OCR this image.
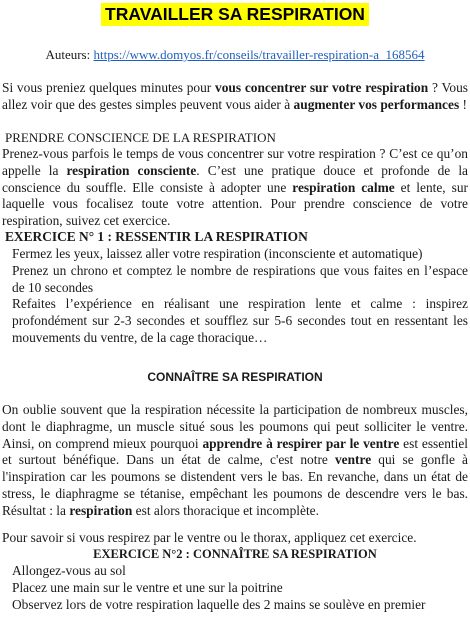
TRAVAILLER SA RESPIRATION
Auteurs: https://www.domyos.fr/conseils/travailler-respiration-a_168564
Si vous preniez quelques minutes pour vous concentrer sur votre respiration ? Vous allez voir que des gestes simples peuvent vous aider à augmenter vos performances !
PRENDRE CONSCIENCE DE LA RESPIRATION
Prenez-vous parfois le temps de vous concentrer sur votre respiration ? C’est ce qu’on appelle la respiration consciente. C’est une pratique douce et profonde de la conscience du souffle. Elle consiste à adopter une respiration calme et lente, sur laquelle vous focalisez toute votre attention. Pour prendre conscience de votre respiration, suivez cet exercice.
EXERCICE N° 1 : RESSENTIR LA RESPIRATION
Fermez les yeux, laissez aller votre respiration (inconsciente et automatique)
Prenez un chrono et comptez le nombre de respirations que vous faites en l’espace de 10 secondes
Refaites l’expérience en réalisant une respiration lente et calme : inspirez profondément sur 2-3 secondes et soufflez sur 5-6 secondes tout en ressentant les mouvements du ventre, de la cage thoracique…
CONNAÎTRE SA RESPIRATION
On oublie souvent que la respiration nécessite la participation de nombreux muscles, dont le diaphragme, un muscle situé sous les poumons qui peut solliciter le ventre. Ainsi, on comprend mieux pourquoi apprendre à respirer par le ventre est essentiel et surtout bénéfique. Dans un état de calme, c'est notre ventre qui se gonfle à l'inspiration car les poumons se distendent vers le bas. En revanche, dans un état de stress, le diaphragme se tétanise, empêchant les poumons de descendre vers le bas. Résultat : la respiration est alors thoracique et incomplète.
Pour savoir si vous respirez par le ventre ou le thorax, appliquez cet exercice.
EXERCICE N°2 : CONNAÎTRE SA RESPIRATION
Allongez-vous au sol
Placez une main sur le ventre et une sur la poitrine
Observez lors de votre respiration laquelle des 2 mains se soulève en premier
